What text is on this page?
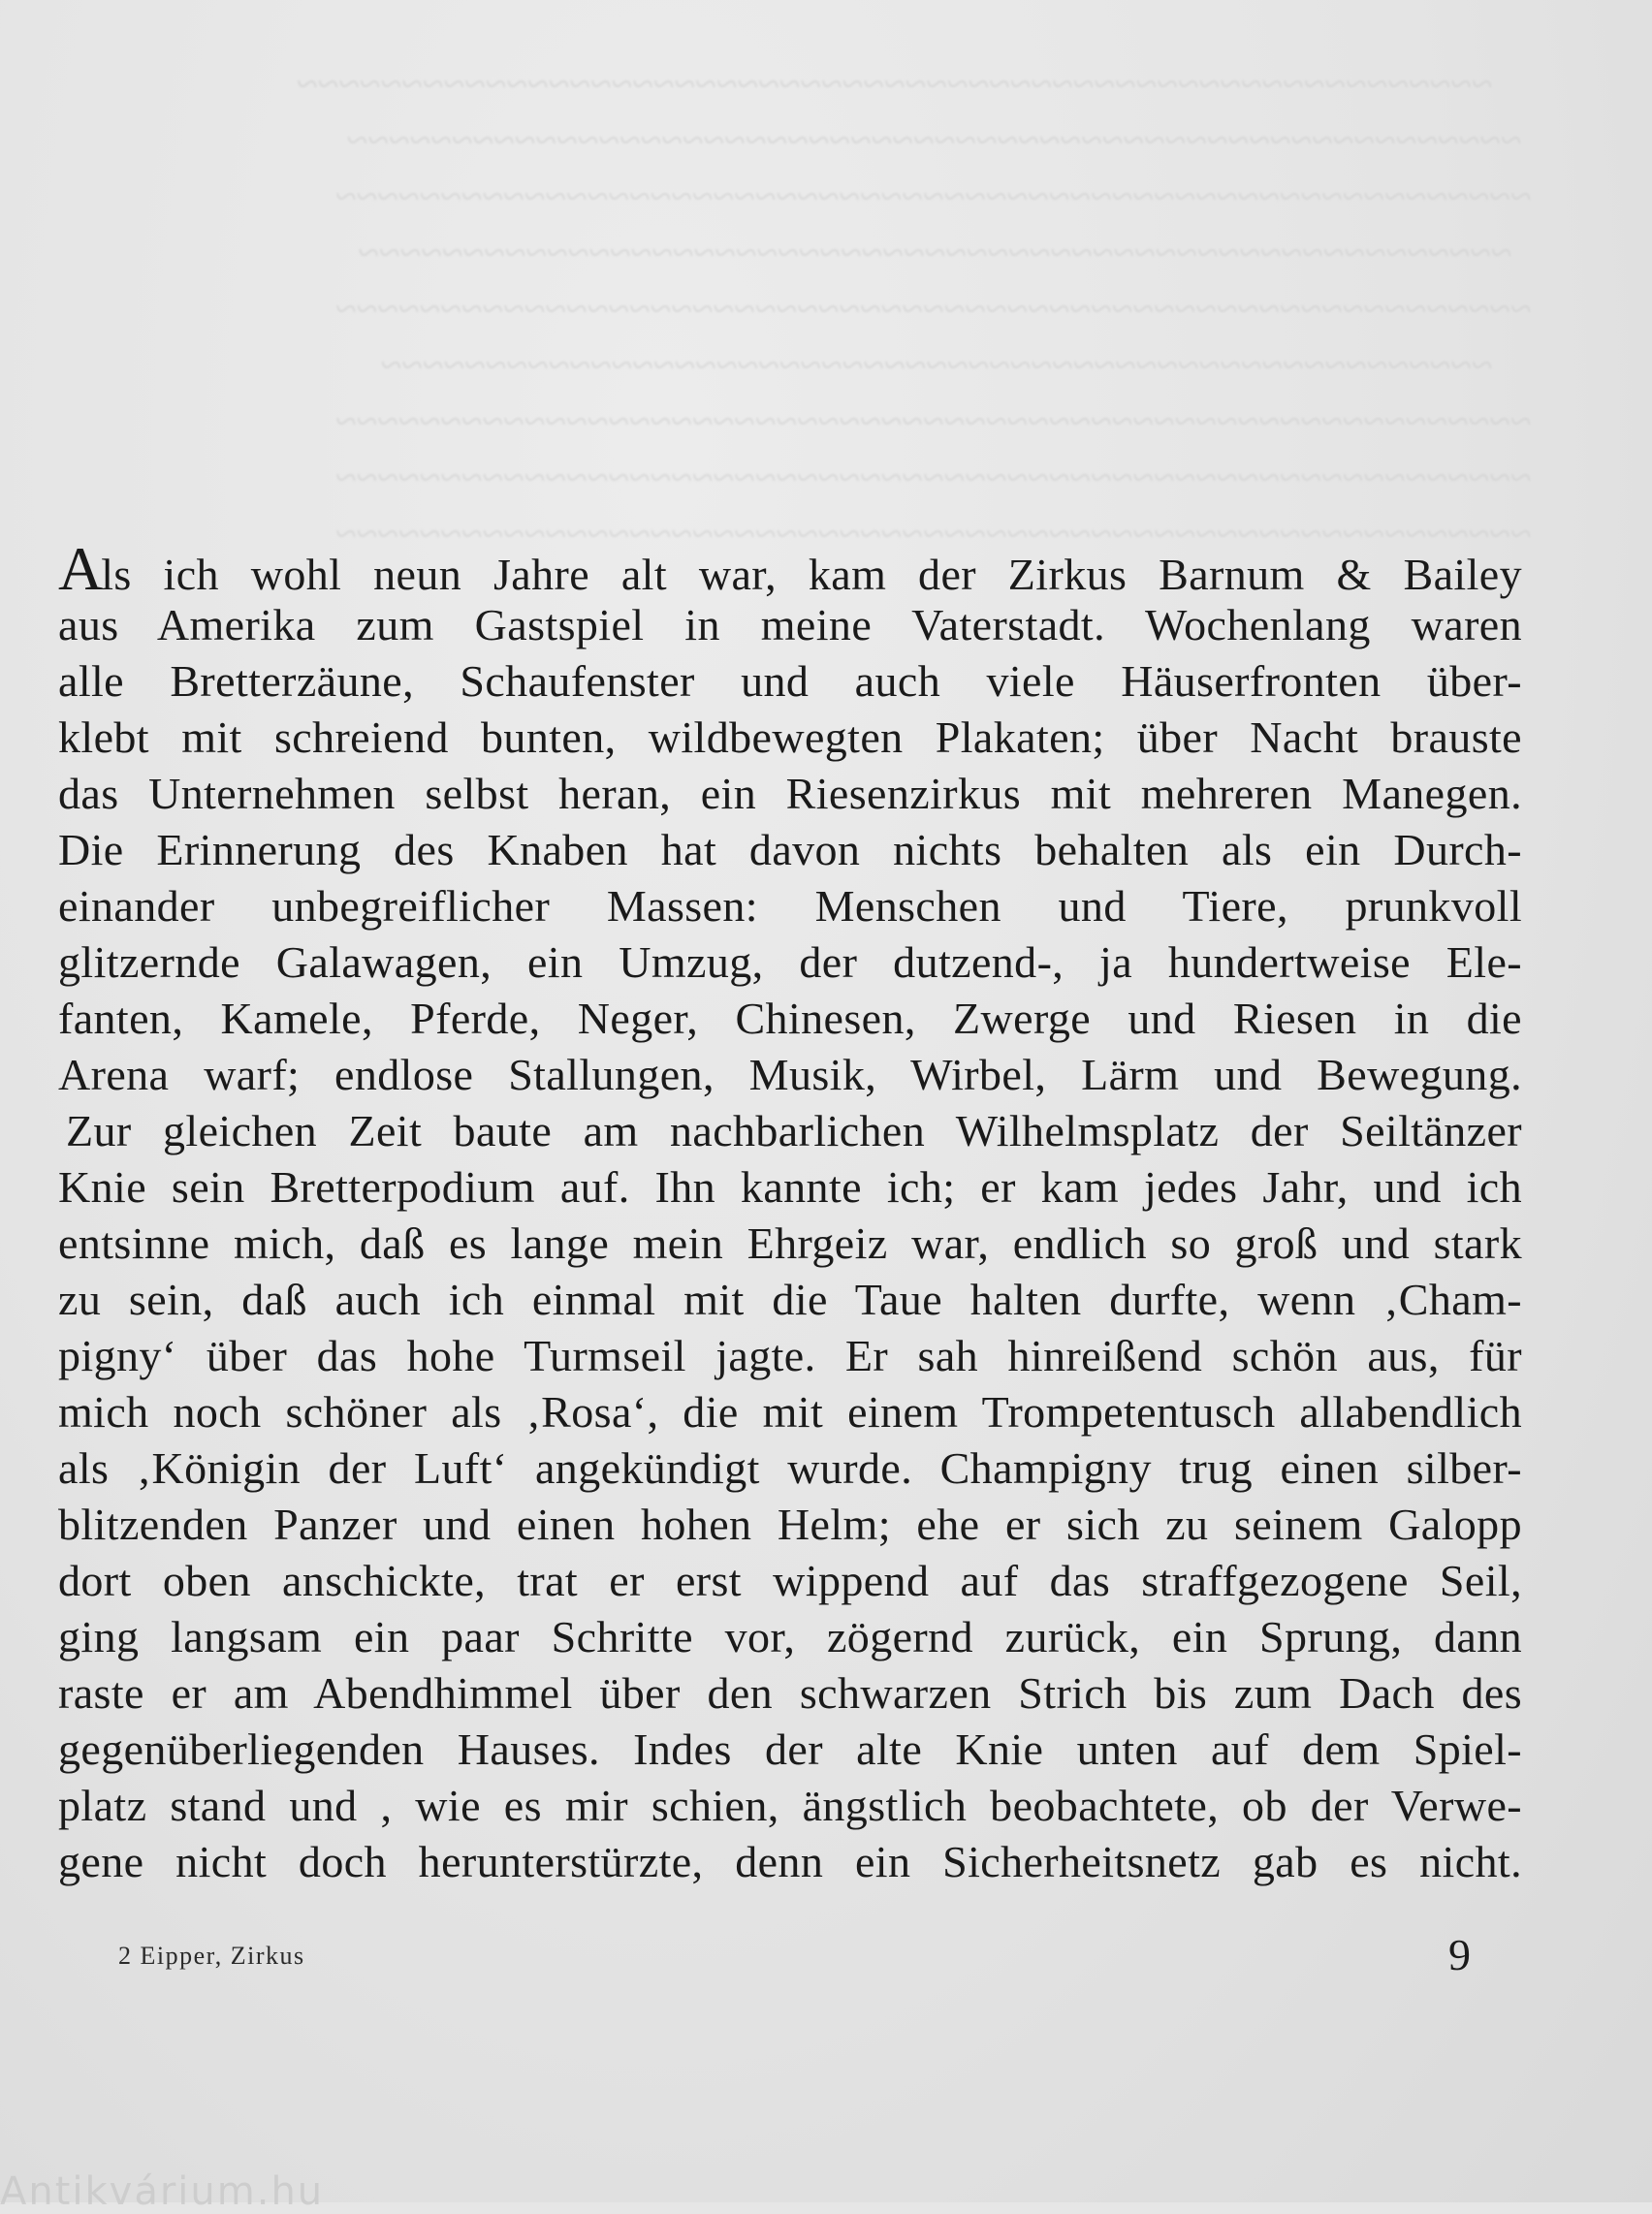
~~~~~~~~~~~~~~~~~~~~~~~~~~~~~~~~~~~~~~~~~~~~~~~~~~~~~~~~~
~~~~~~~~~~~~~~~~~~~~~~~~~~~~~~~~~~~~~~~~~~~~~~~~~~~~~~~~
~~~~~~~~~~~~~~~~~~~~~~~~~~~~~~~~~~~~~~~~~~~~~~~~~~~~~~~~~
~~~~~~~~~~~~~~~~~~~~~~~~~~~~~~~~~~~~~~~~~~~~~~~~~~~~~~~
~~~~~~~~~~~~~~~~~~~~~~~~~~~~~~~~~~~~~~~~~~~~~~~~~~~~~~~~~
~~~~~~~~~~~~~~~~~~~~~~~~~~~~~~~~~~~~~~~~~~~~~~~~~~~~~
~~~~~~~~~~~~~~~~~~~~~~~~~~~~~~~~~~~~~~~~~~~~~~~~~~~~~~~~~
~~~~~~~~~~~~~~~~~~~~~~~~~~~~~~~~~~~~~~~~~~~~~~~~~~~~~~~~~
~~~~~~~~~~~~~~~~~~~~~~~~~~~~~~~~~~~~~~~~~~~~~~~~~~~~~~~~~

Als ich wohl neun Jahre alt war, kam der Zirkus Barnum & Bailey
aus Amerika zum Gastspiel in meine Vaterstadt. Wochenlang waren
alle Bretterzäune, Schaufenster und auch viele Häuserfronten über-
klebt mit schreiend bunten, wildbewegten Plakaten; über Nacht brauste
das Unternehmen selbst heran, ein Riesenzirkus mit mehreren Manegen.
Die Erinnerung des Knaben hat davon nichts behalten als ein Durch-
einander unbegreiflicher Massen: Menschen und Tiere, prunkvoll
glitzernde Galawagen, ein Umzug, der dutzend-, ja hundertweise Ele-
fanten, Kamele, Pferde, Neger, Chinesen, Zwerge und Riesen in die
Arena warf; endlose Stallungen, Musik, Wirbel, Lärm und Bewegung.
Zur gleichen Zeit baute am nachbarlichen Wilhelmsplatz der Seiltänzer
Knie sein Bretterpodium auf. Ihn kannte ich; er kam jedes Jahr, und ich
entsinne mich, daß es lange mein Ehrgeiz war, endlich so groß und stark
zu sein, daß auch ich einmal mit die Taue halten durfte, wenn ‚Cham-
pigny‘ über das hohe Turmseil jagte. Er sah hinreißend schön aus, für
mich noch schöner als ‚Rosa‘, die mit einem Trompetentusch allabendlich
als ‚Königin der Luft‘ angekündigt wurde. Champigny trug einen silber-
blitzenden Panzer und einen hohen Helm; ehe er sich zu seinem Galopp
dort oben anschickte, trat er erst wippend auf das straffgezogene Seil,
ging langsam ein paar Schritte vor, zögernd zurück, ein Sprung, dann
raste er am Abendhimmel über den schwarzen Strich bis zum Dach des
gegenüberliegenden Hauses. Indes der alte Knie unten auf dem Spiel-
platz stand und , wie es mir schien, ängstlich beobachtete, ob der Verwe-
gene nicht doch herunterstürzte, denn ein Sicherheitsnetz gab es nicht.
2 Eipper, Zirkus	9
Antikvárium.hu
